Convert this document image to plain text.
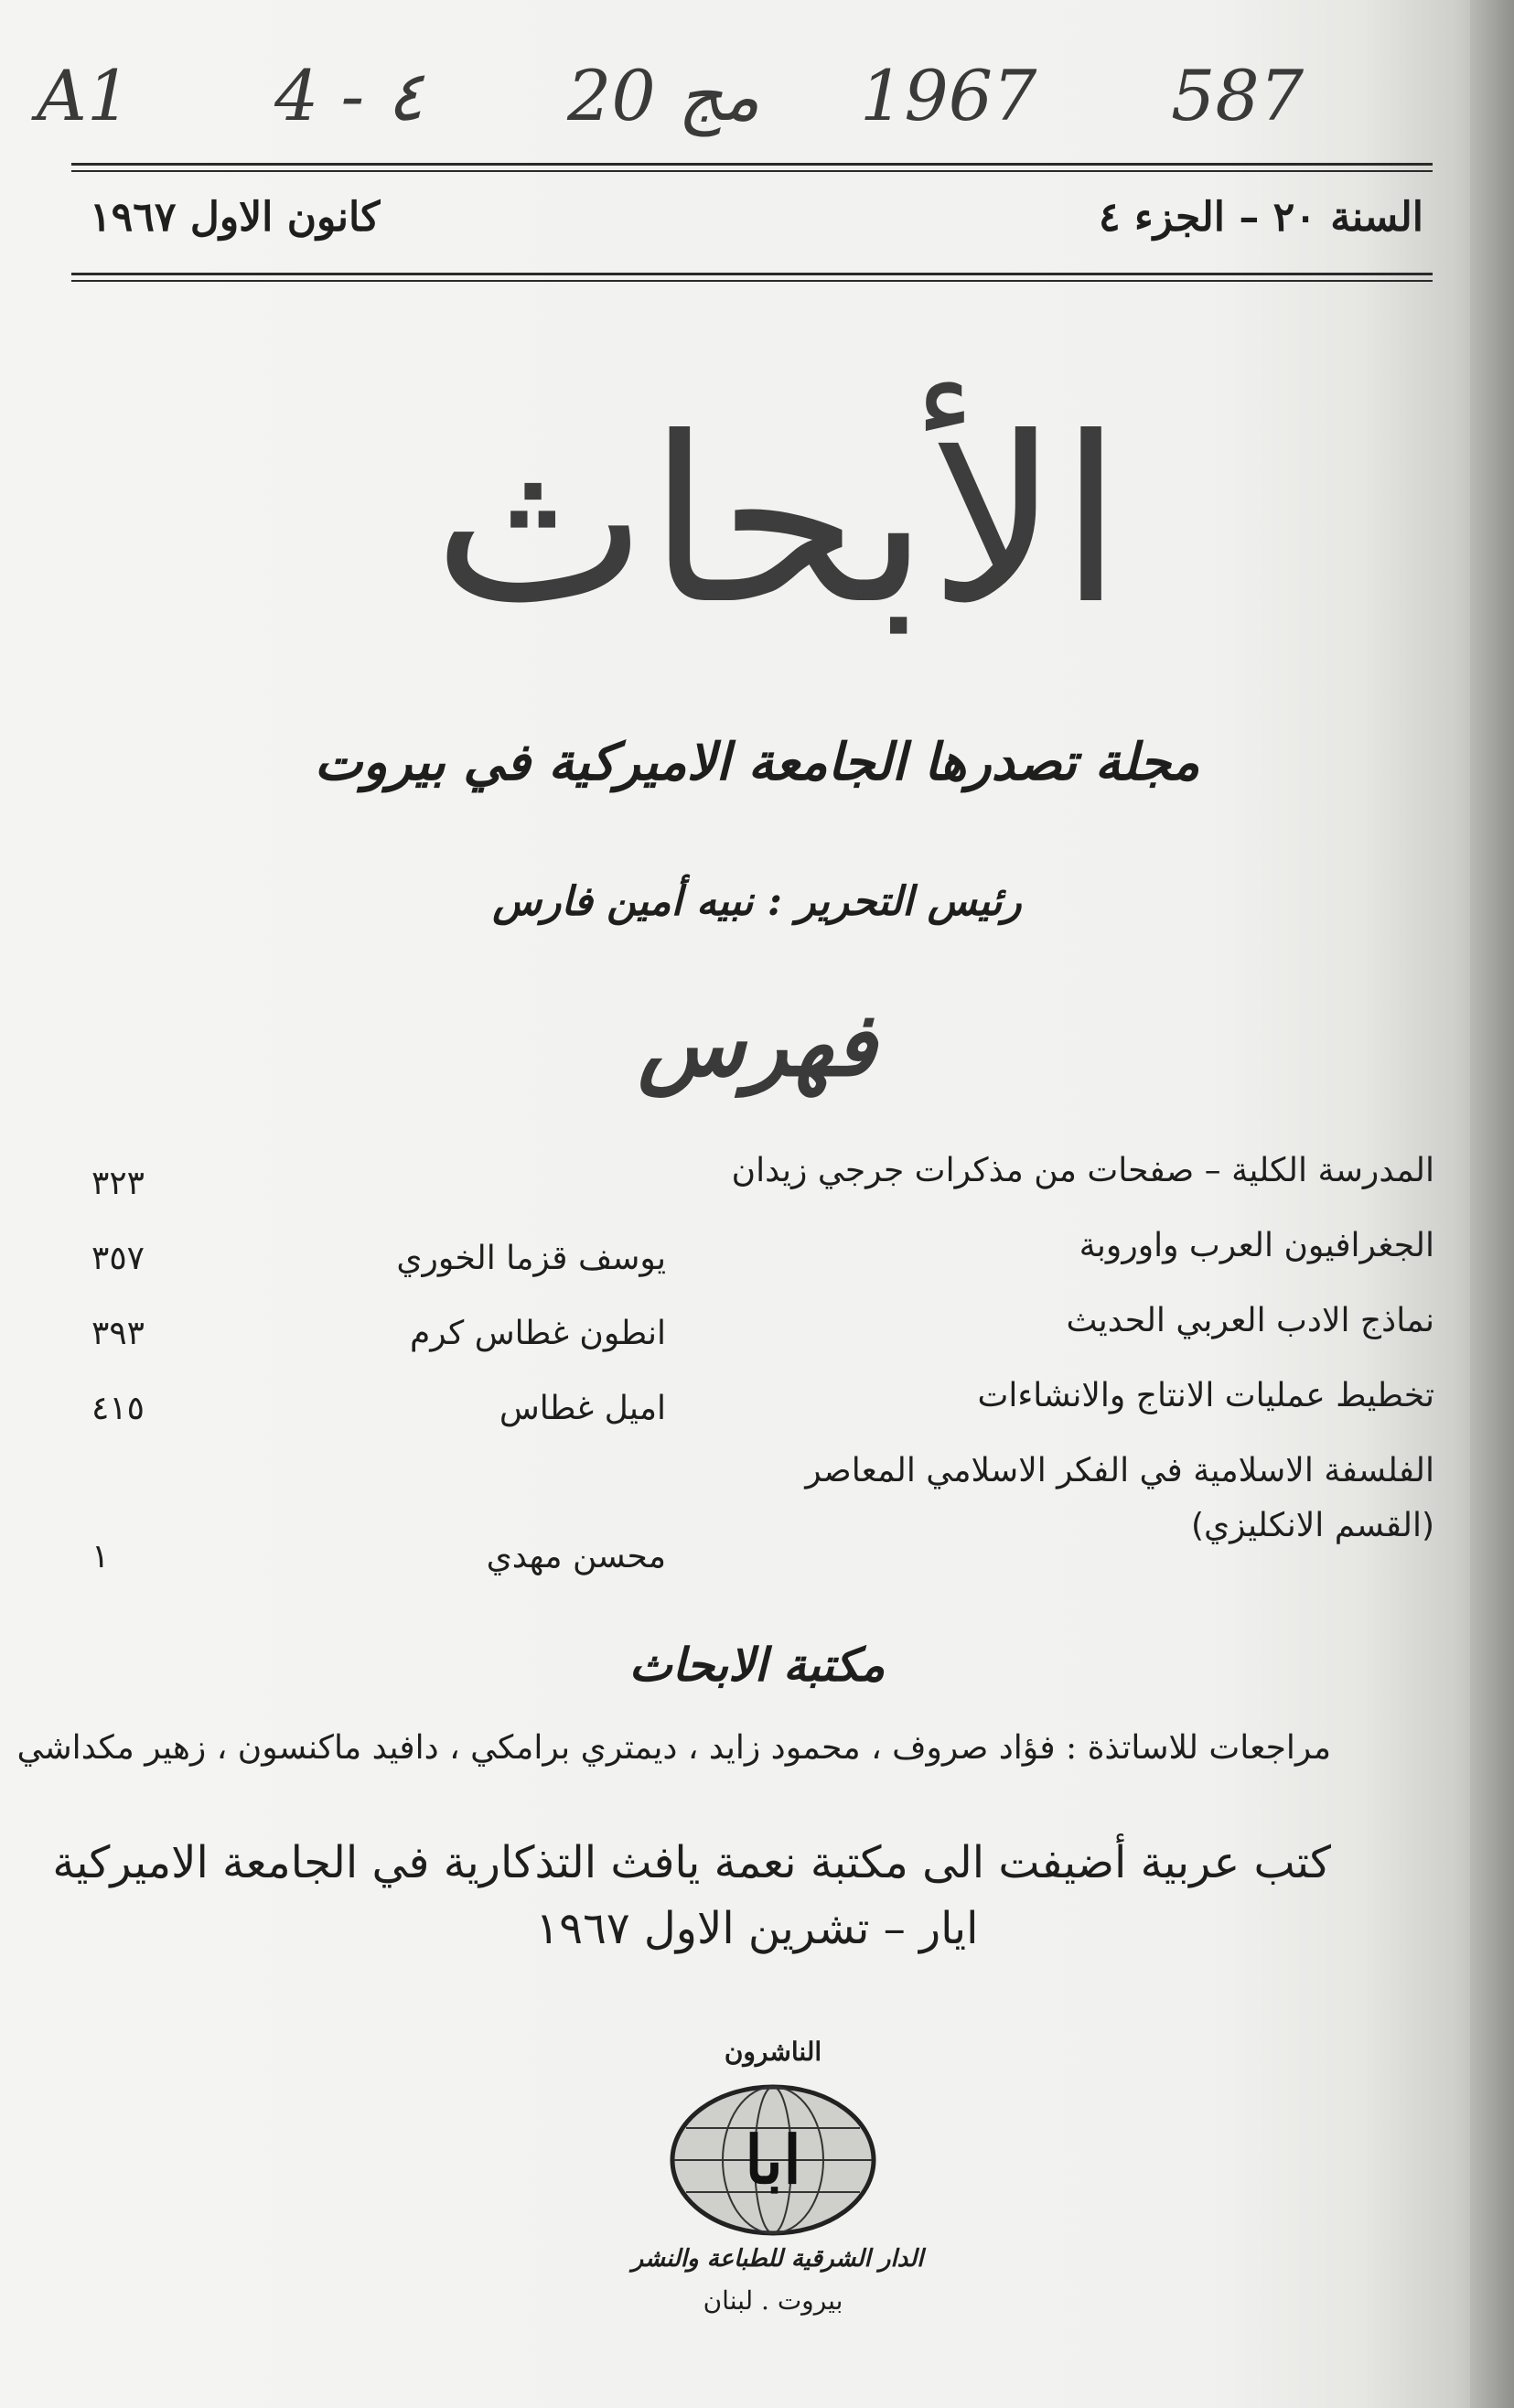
A1 4 - ٤ 20 مج 1967 587
السنة ٢٠ – الجزء ٤
كانون الاول ١٩٦٧
الأبحاث
مجلة تصدرها الجامعة الاميركية في بيروت
رئيس التحرير : نبيه أمين فارس
فهرس
المدرسة الكلية – صفحات من مذكرات جرجي زيدان
٣٢٣
الجغرافيون العرب واوروبة
يوسف قزما الخوري
٣٥٧
نماذج الادب العربي الحديث
انطون غطاس كرم
٣٩٣
تخطيط عمليات الانتاج والانشاءات
اميل غطاس
٤١٥
الفلسفة الاسلامية في الفكر الاسلامي المعاصر
(القسم الانكليزي)
محسن مهدي
١
مكتبة الابحاث
مراجعات للاساتذة : فؤاد صروف ، محمود زايد ، ديمتري برامكي ، دافيد ماكنسون ، زهير مكداشي
كتب عربية أضيفت الى مكتبة نعمة يافث التذكارية في الجامعة الاميركية
ايار – تشرين الاول ١٩٦٧
الناشرون
ابا
الدار الشرقية للطباعة والنشر
بيروت . لبنان
